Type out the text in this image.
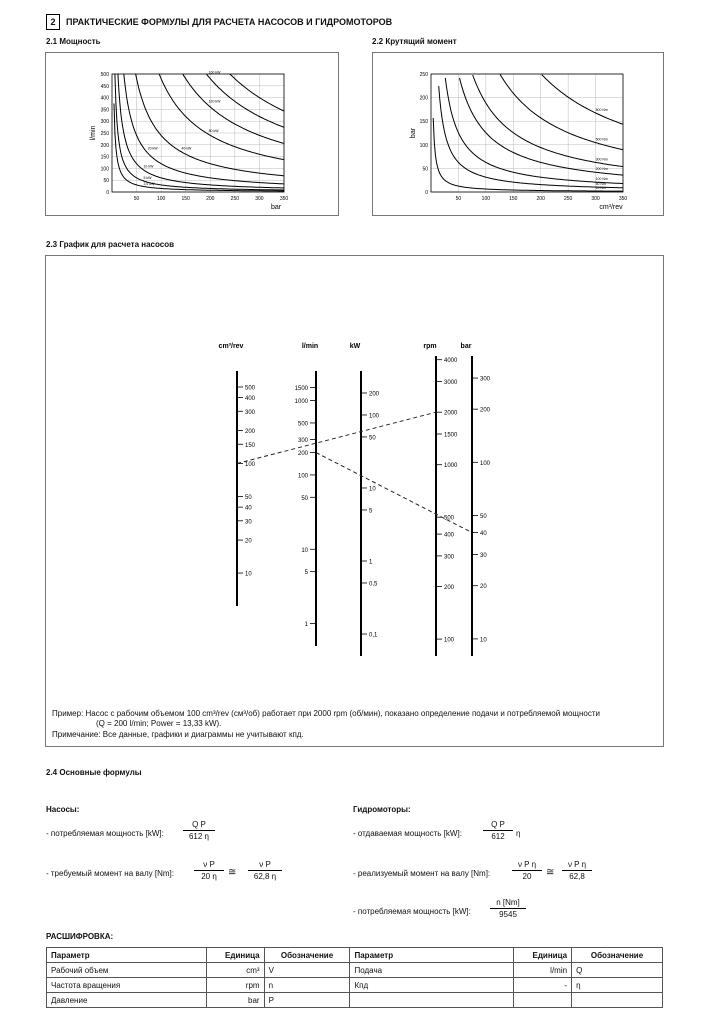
2	ПРАКТИЧЕСКИЕ ФОРМУЛЫ ДЛЯ РАСЧЕТА НАСОСОВ И ГИДРОМОТОРОВ
2.1 Мощность	2.2 Крутящий момент
2.3 График для расчета насосов
2.4 Основные формулы
50	100	150	200	250	300	350
0
50
100
150
200
250
300
350
400
450
500
bar
l/min
2,5 kW
5 kW
10 kW
20 kW	40 kW
80 kW
120 kW
160 kW
50	100	150	200	250	300	350
0
50
100
150
200
250
cm³/rev
bar
10 Nm
50 Nm
100 Nm
200 Nm
300 Nm
500 Nm
800 Nm
cm³/rev
500
400
300
200
150
100
50
40
30
20
10
l/min
1500
1000
500
300
200
100
50
10
5
1
kW
200
100
50
10
5
1
0,5
0,1
rpm
4000
3000
2000
1500
1000
500
400
300
200
100
bar
300
200
100
50
40
30
20
10
Пример: Насос с рабочим объемом 100 cm³/rev (см³/об) работает при 2000 rpm (об/мин), показано определение подачи и потребляемой мощности
(Q = 200 l/min; Power = 13,33 kW).
Примечание: Все данные, графики и диаграммы не учитывают кпд.
Насосы:
- потребляемая мощность [kW]: $\frac{\text{Q P}}{612 \eta}$
- требуемый момент на валу [Nm]:	$\frac{\text{ν P}}{20 \eta}$ ≅ $\frac{\text{ν P}}{62,8 \eta}$
Гидромоторы:
- отдаваемая мощность [kW]:	$\frac{\text{Q P}}{612}$ η
- реализуемый момент на валу [Nm]:	$\frac{\text{ν P η}}{20}$ ≅ $\frac{\text{ν P η}}{62,8}$
- потребляемая мощность [kW]: $\frac{n [Nm]}{9545}$
РАСШИФРОВКА:
Параметр	Единица	Обозначение	Параметр	Единица	Обозначение
Рабочий объем	cm³	V	Подача	l/min	Q
Частота вращения	rpm	n	Кпд	-	η
Давление	bar	P			
